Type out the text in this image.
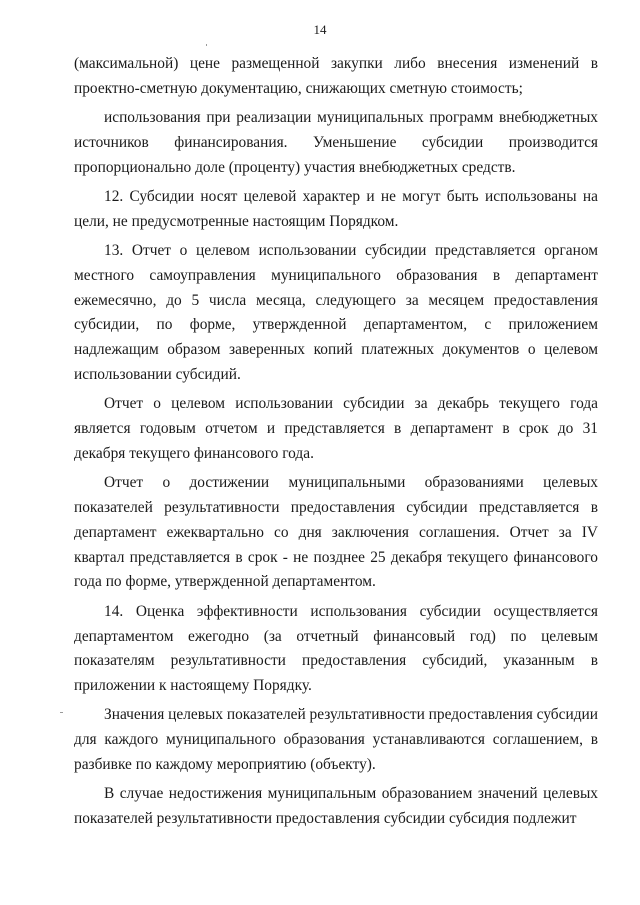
14

(максимальной) цене размещенной закупки либо внесения изменений в проектно-сметную документацию, снижающих сметную стоимость;

использования при реализации муниципальных программ внебюджетных источников финансирования. Уменьшение субсидии производится пропорционально доле (проценту) участия внебюджетных средств.

12. Субсидии носят целевой характер и не могут быть использованы на цели, не предусмотренные настоящим Порядком.

13. Отчет о целевом использовании субсидии представляется органом местного самоуправления муниципального образования в департамент ежемесячно, до 5 числа месяца, следующего за месяцем предоставления субсидии, по форме, утвержденной департаментом, с приложением надлежащим образом заверенных копий платежных документов о целевом использовании субсидий.

Отчет о целевом использовании субсидии за декабрь текущего года является годовым отчетом и представляется в департамент в срок до 31 декабря текущего финансового года.

Отчет о достижении муниципальными образованиями целевых показателей результативности предоставления субсидии представляется в департамент ежеквартально со дня заключения соглашения. Отчет за IV квартал представляется в срок - не позднее 25 декабря текущего финансового года по форме, утвержденной департаментом.

14. Оценка эффективности использования субсидии осуществляется департаментом ежегодно (за отчетный финансовый год) по целевым показателям результативности предоставления субсидий, указанным в приложении к настоящему Порядку.

Значения целевых показателей результативности предоставления субсидии для каждого муниципального образования устанавливаются соглашением, в разбивке по каждому мероприятию (объекту).

В случае недостижения муниципальным образованием значений целевых показателей результативности предоставления субсидии субсидия подлежит
